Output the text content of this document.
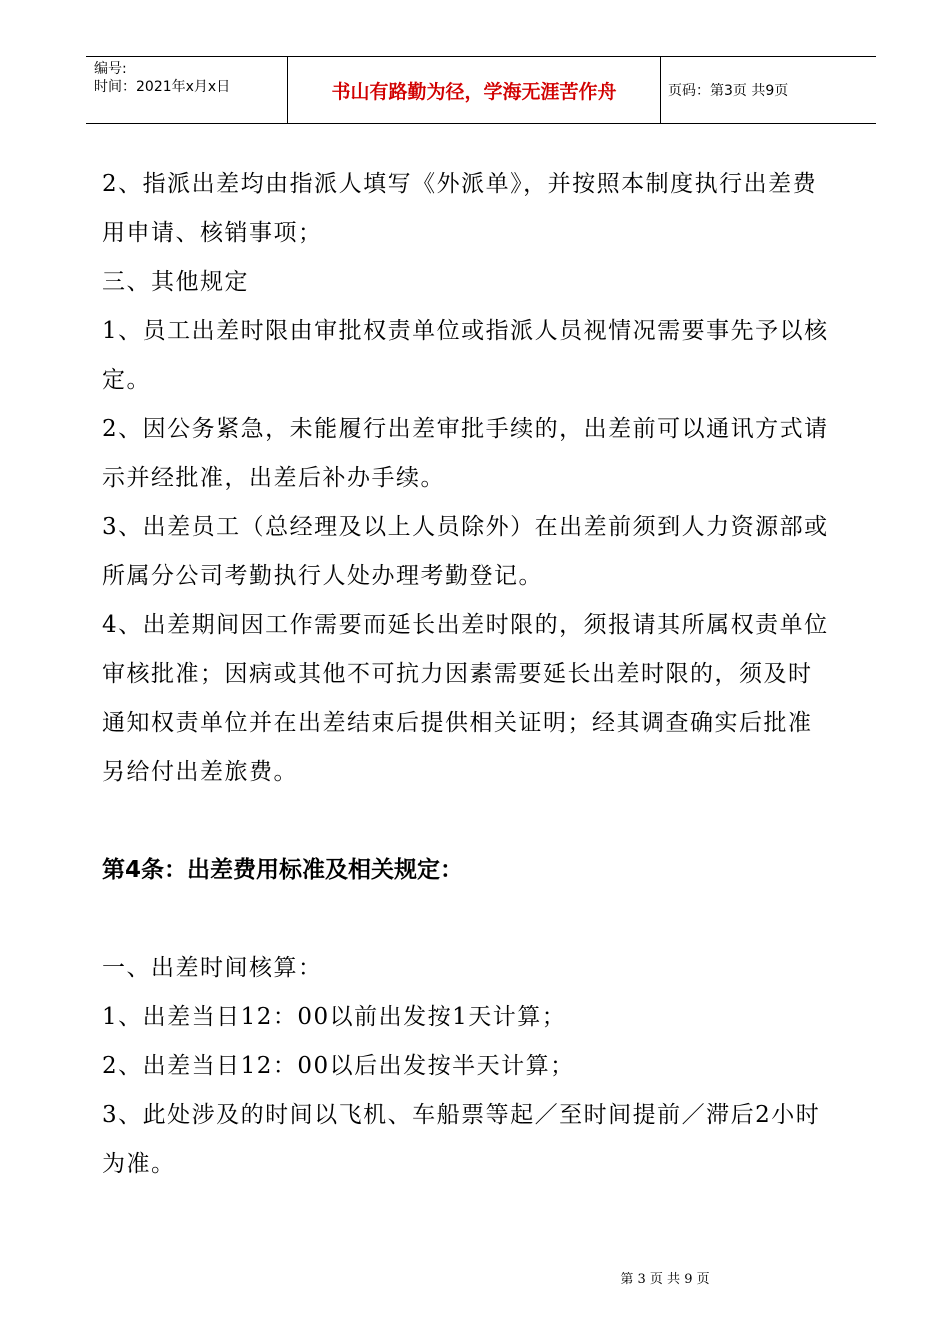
编号:
时间：2021年x月x日	书山有路勤为径，学海无涯苦作舟	页码：第3页 共9页

2、指派出差均由指派人填写《外派单》，并按照本制度执行出差费

用申请、核销事项；

三、其他规定

1、员工出差时限由审批权责单位或指派人员视情况需要事先予以核

定。

2、因公务紧急，未能履行出差审批手续的，出差前可以通讯方式请

示并经批准，出差后补办手续。

3、出差员工（总经理及以上人员除外）在出差前须到人力资源部或

所属分公司考勤执行人处办理考勤登记。

4、出差期间因工作需要而延长出差时限的，须报请其所属权责单位

审核批准；因病或其他不可抗力因素需要延长出差时限的，须及时

通知权责单位并在出差结束后提供相关证明；经其调查确实后批准

另给付出差旅费。

第4条：出差费用标准及相关规定：

一、出差时间核算：

1、出差当日12：00以前出发按1天计算；

2、出差当日12：00以后出发按半天计算；

3、此处涉及的时间以飞机、车船票等起／至时间提前／滞后2小时

为准。

第 3 页 共 9 页
